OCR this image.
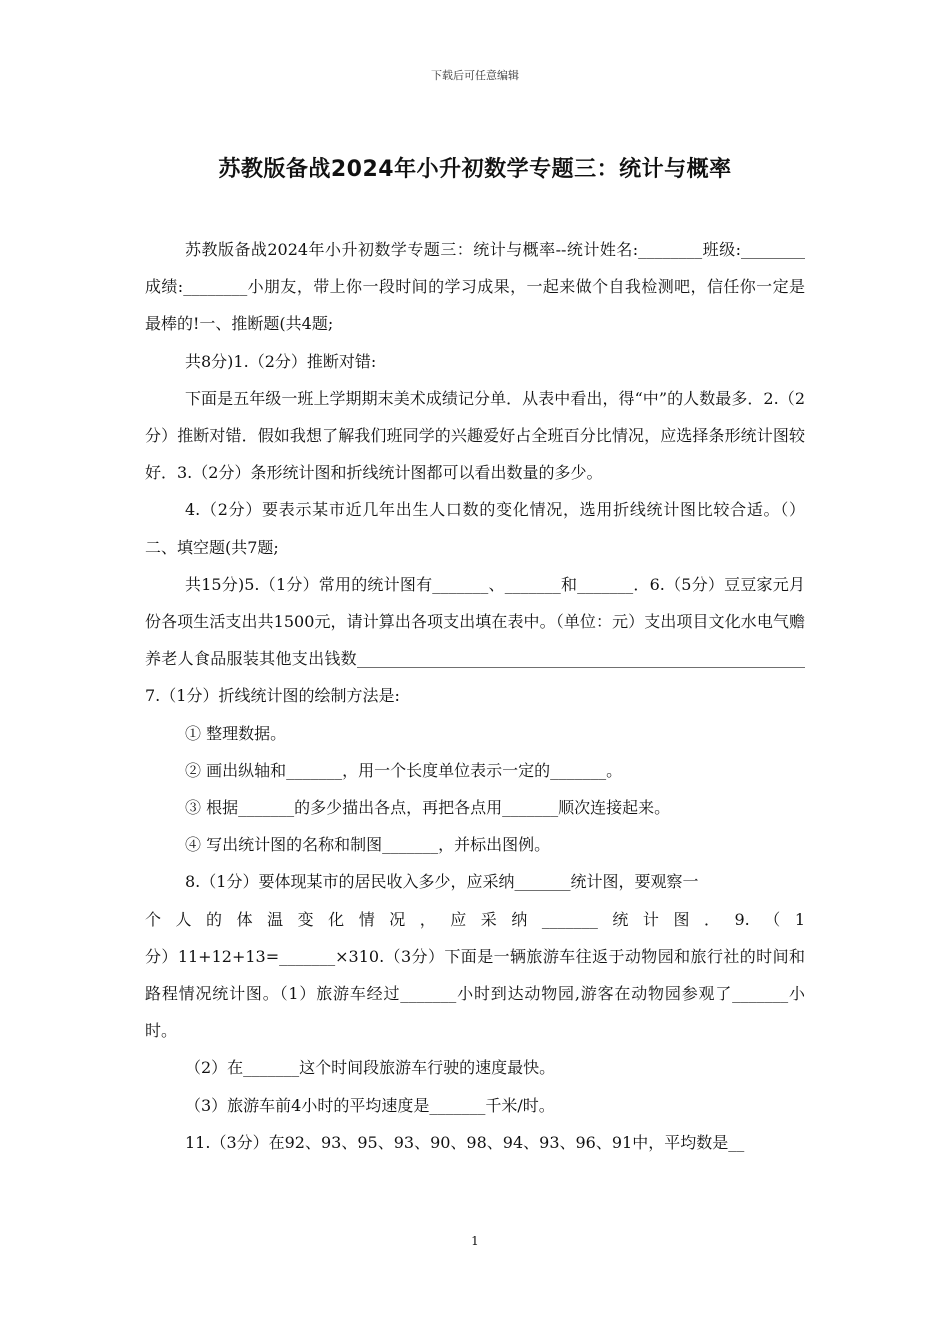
下载后可任意编辑
苏教版备战2024年小升初数学专题三：统计与概率

苏教版备战2024年小升初数学专题三：统计与概率--统计姓名:________班级:________成绩:________小朋友，带上你一段时间的学习成果，一起来做个自我检测吧，信任你一定是最棒的!一、推断题(共4题;

共8分)1.（2分）推断对错:

下面是五年级一班上学期期末美术成绩记分单．从表中看出，得“中”的人数最多．2.（2分）推断对错．假如我想了解我们班同学的兴趣爱好占全班百分比情况，应选择条形统计图较好．3.（2分）条形统计图和折线统计图都可以看出数量的多少。

4.（2分）要表示某市近几年出生人口数的变化情况，选用折线统计图比较合适。（）二、填空题(共7题;

共15分)5.（1分）常用的统计图有_______、_______和_______．6.（5分）豆豆家元月份各项生活支出共1500元，请计算出各项支出填在表中。（单位：元）支出项目文化水电气赡养老人食品服装其他支出钱数________________________________________________________7.（1分）折线统计图的绘制方法是:

① 整理数据。

② 画出纵轴和_______，用一个长度单位表示一定的_______。

③ 根据_______的多少描出各点，再把各点用_______顺次连接起来。

④ 写出统计图的名称和制图_______，并标出图例。

8.（1分）要体现某市的居民收入多少，应采纳_______统计图，要观察一

个人的体温变化情况，应采纳_______统计图．9.（1

分）11+12+13=_______×310.（3分）下面是一辆旅游车往返于动物园和旅行社的时间和路程情况统计图。（1）旅游车经过_______小时到达动物园,游客在动物园参观了_______小时。

（2）在_______这个时间段旅游车行驶的速度最快。

（3）旅游车前4小时的平均速度是_______千米/时。

11.（3分）在92、93、95、93、90、98、94、93、96、91中，平均数是__

1
